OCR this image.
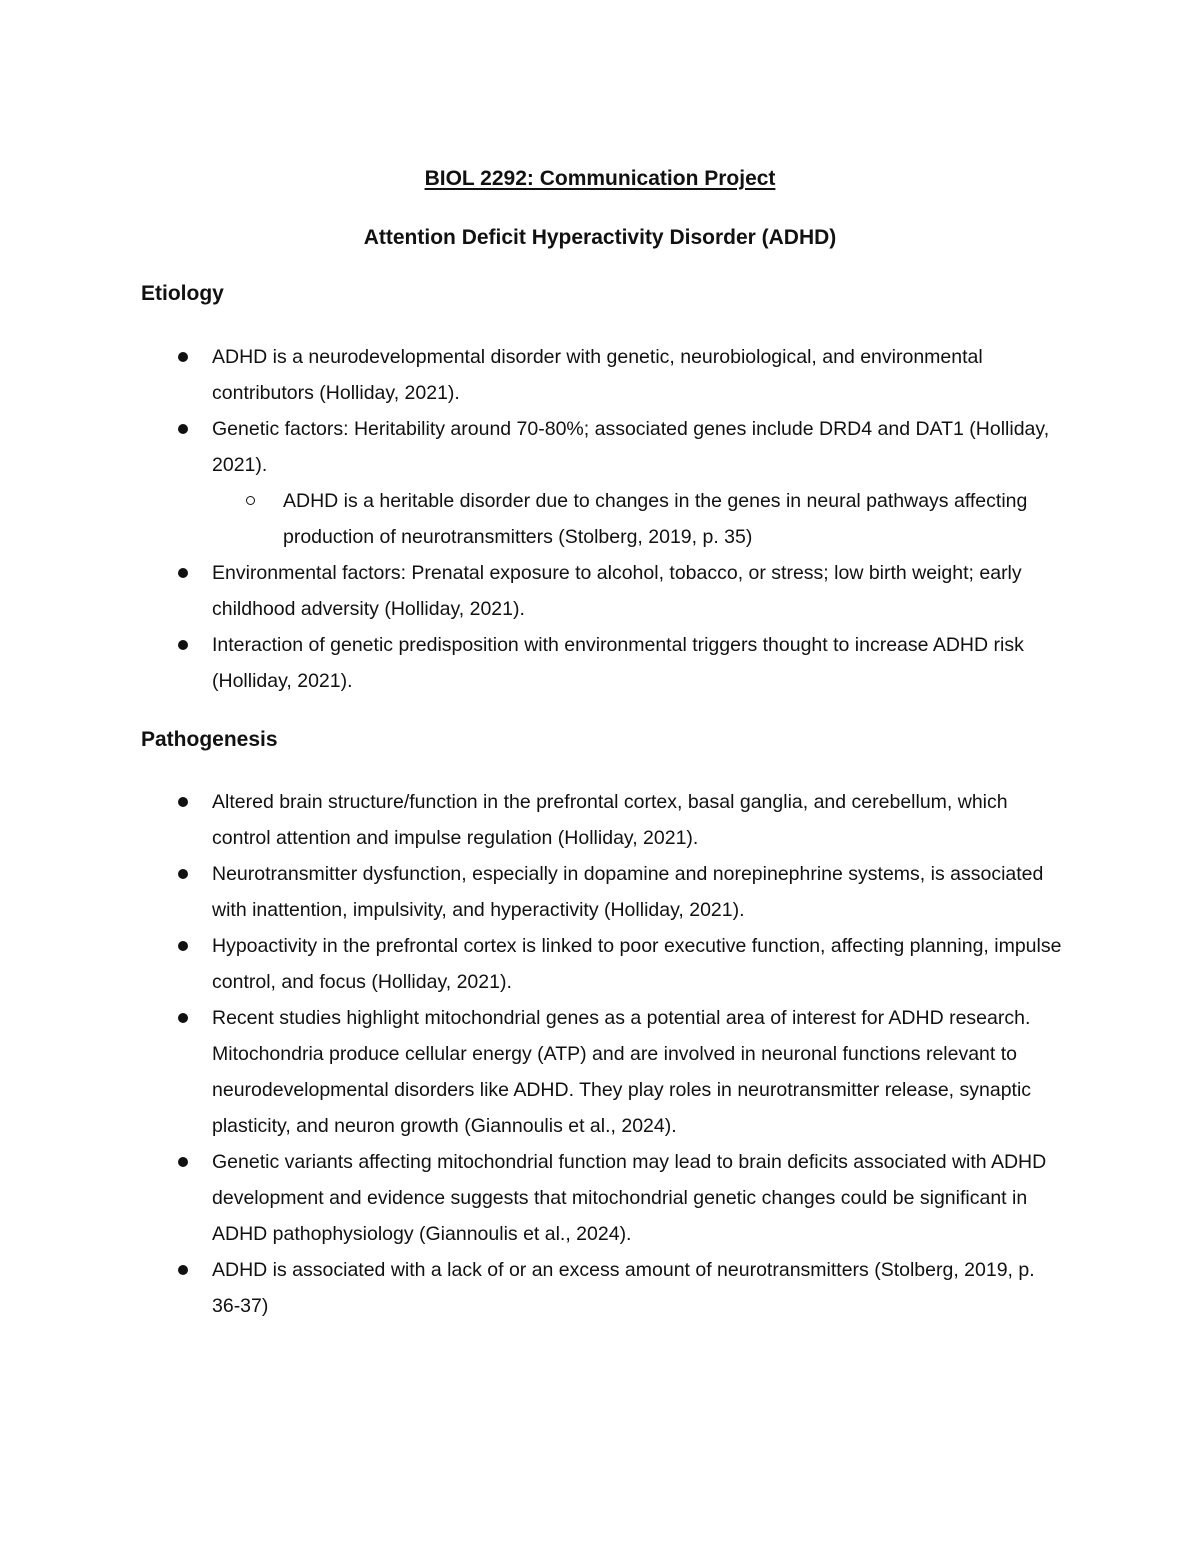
BIOL 2292: Communication Project
Attention Deficit Hyperactivity Disorder (ADHD)
Etiology
ADHD is a neurodevelopmental disorder with genetic, neurobiological, and environmental contributors (Holliday, 2021).
Genetic factors: Heritability around 70-80%; associated genes include DRD4 and DAT1 (Holliday, 2021).
ADHD is a heritable disorder due to changes in the genes in neural pathways affecting production of neurotransmitters (Stolberg, 2019, p. 35)
Environmental factors: Prenatal exposure to alcohol, tobacco, or stress; low birth weight; early childhood adversity (Holliday, 2021).
Interaction of genetic predisposition with environmental triggers thought to increase ADHD risk (Holliday, 2021).
Pathogenesis
Altered brain structure/function in the prefrontal cortex, basal ganglia, and cerebellum, which control attention and impulse regulation (Holliday, 2021).
Neurotransmitter dysfunction, especially in dopamine and norepinephrine systems, is associated with inattention, impulsivity, and hyperactivity (Holliday, 2021).
Hypoactivity in the prefrontal cortex is linked to poor executive function, affecting planning, impulse control, and focus (Holliday, 2021).
Recent studies highlight mitochondrial genes as a potential area of interest for ADHD research. Mitochondria produce cellular energy (ATP) and are involved in neuronal functions relevant to neurodevelopmental disorders like ADHD. They play roles in neurotransmitter release, synaptic plasticity, and neuron growth (Giannoulis et al., 2024).
Genetic variants affecting mitochondrial function may lead to brain deficits associated with ADHD development and evidence suggests that mitochondrial genetic changes could be significant in ADHD pathophysiology (Giannoulis et al., 2024).
ADHD is associated with a lack of or an excess amount of neurotransmitters (Stolberg, 2019, p. 36-37)
